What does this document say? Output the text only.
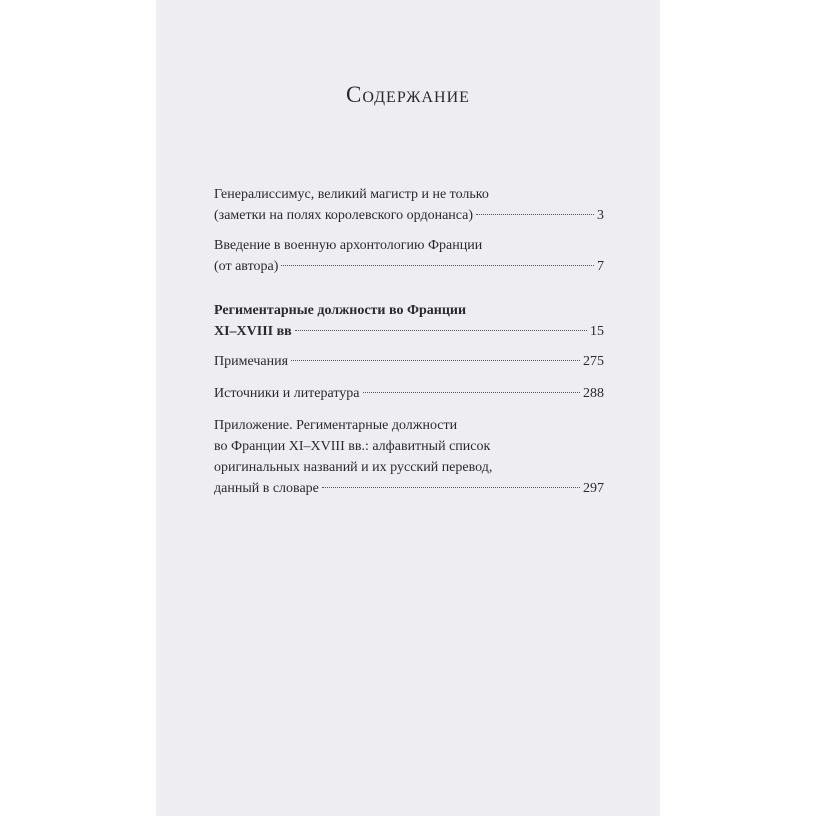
Содержание
Генералиссимус, великий магистр и не только
(заметки на полях королевского ордонанса)	3
Введение в военную архонтологию Франции
(от автора)	7
Региментарные должности во Франции
XI–XVIII вв	15
Примечания	275
Источники и литература	288
Приложение. Региментарные должности
во Франции XI–XVIII вв.: алфавитный список
оригинальных названий и их русский перевод,
данный в словаре	297
